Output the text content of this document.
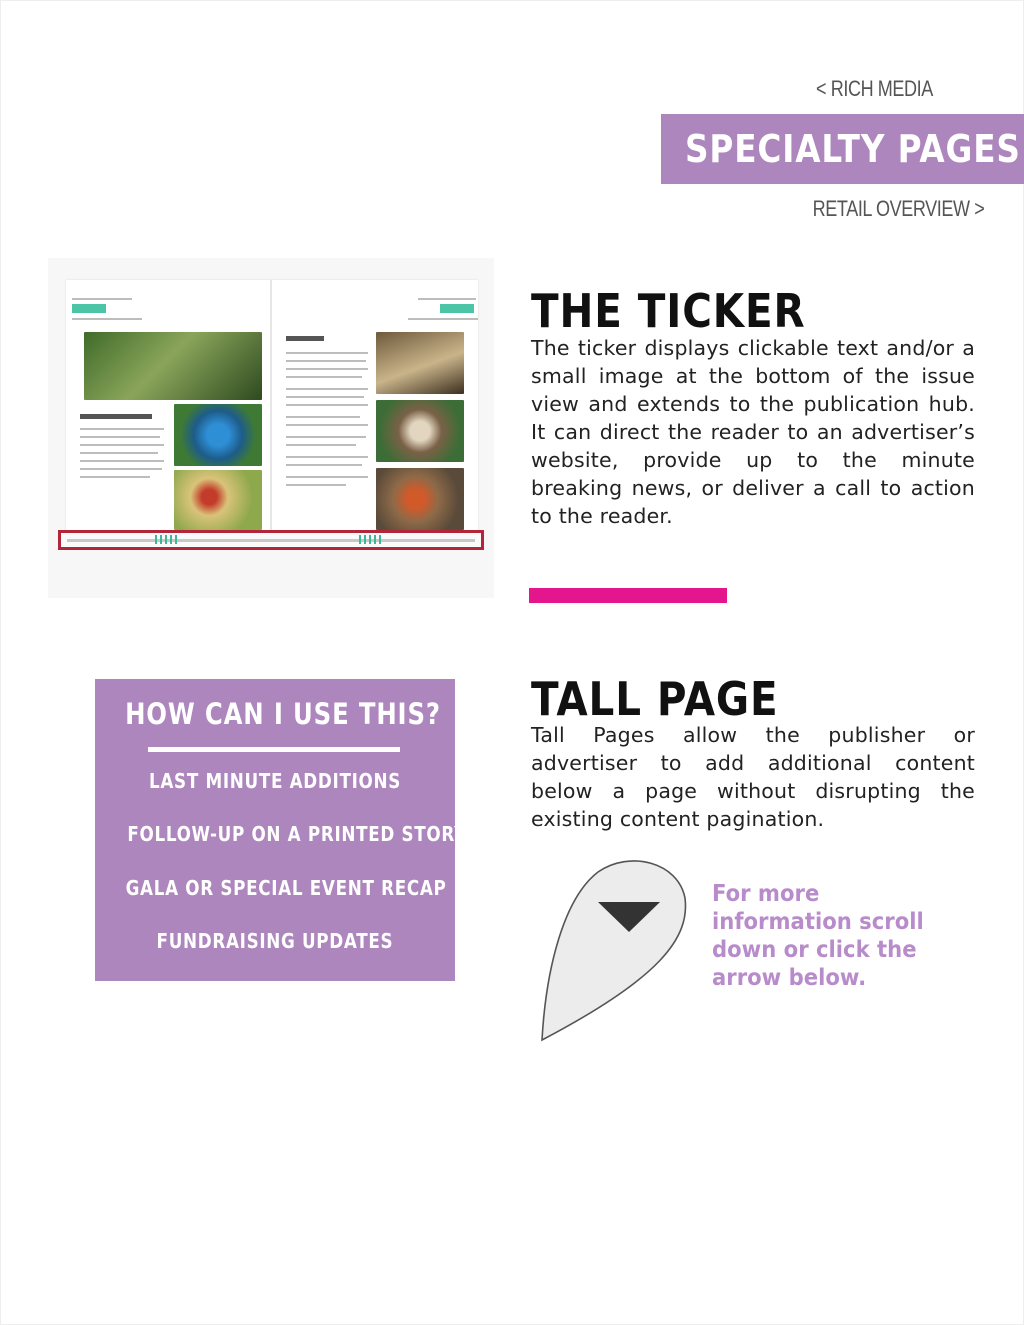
< RICH MEDIA
SPECIALTY PAGES
RETAIL OVERVIEW >
THE TICKER
The ticker displays clickable text and/or a small image at the bottom of the issue view and extends to the publication hub. It can direct the reader to an advertiser’s website, provide up to the minute breaking news, or deliver a call to action to the reader.
HOW CAN I USE THIS?
LAST MINUTE ADDITIONS
FOLLOW-UP ON A PRINTED STORY
GALA OR SPECIAL EVENT RECAP
FUNDRAISING UPDATES
TALL PAGE
Tall Pages allow the publisher or advertiser to add additional content below a page without disrupting the existing content pagination.
For more
information scroll
down or click the
arrow below.
